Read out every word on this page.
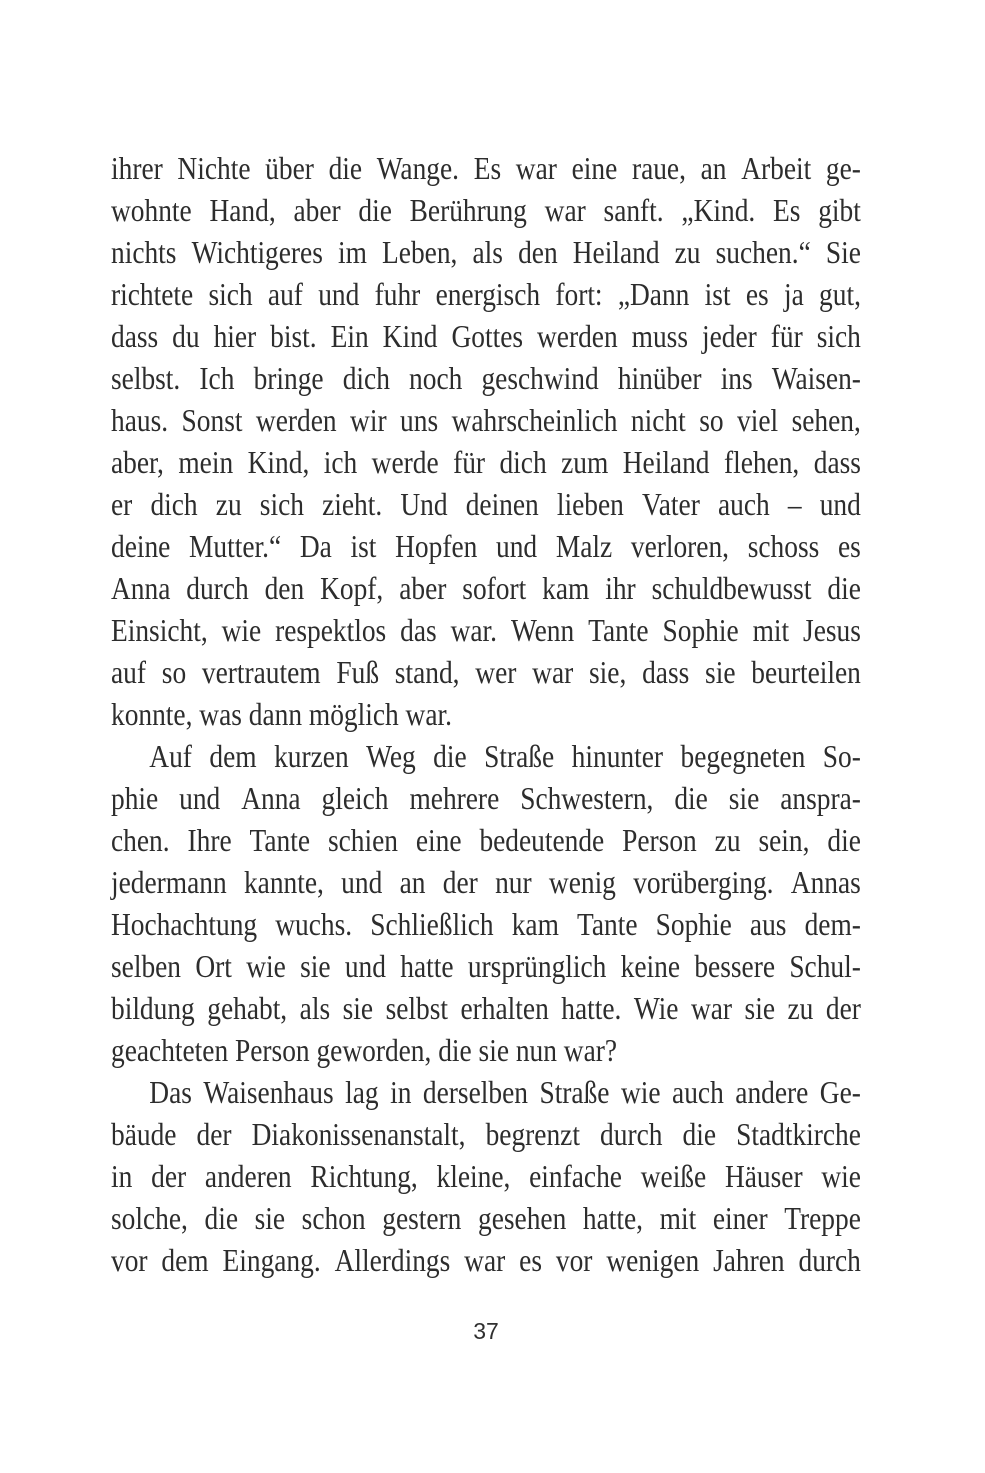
ihrer Nichte über die Wange. Es war eine raue, an Arbeit ge-
wohnte Hand, aber die Berührung war sanft. „Kind. Es gibt
nichts Wichtigeres im Leben, als den Heiland zu suchen.“ Sie
richtete sich auf und fuhr energisch fort: „Dann ist es ja gut,
dass du hier bist. Ein Kind Gottes werden muss jeder für sich
selbst. Ich bringe dich noch geschwind hinüber ins Waisen-
haus. Sonst werden wir uns wahrscheinlich nicht so viel sehen,
aber, mein Kind, ich werde für dich zum Heiland flehen, dass
er dich zu sich zieht. Und deinen lieben Vater auch – und
deine Mutter.“ Da ist Hopfen und Malz verloren, schoss es
Anna durch den Kopf, aber sofort kam ihr schuldbewusst die
Einsicht, wie respektlos das war. Wenn Tante Sophie mit Jesus
auf so vertrautem Fuß stand, wer war sie, dass sie beurteilen
konnte, was dann möglich war.
Auf dem kurzen Weg die Straße hinunter begegneten So-
phie und Anna gleich mehrere Schwestern, die sie anspra-
chen. Ihre Tante schien eine bedeutende Person zu sein, die
jedermann kannte, und an der nur wenig vorüberging. Annas
Hochachtung wuchs. Schließlich kam Tante Sophie aus dem-
selben Ort wie sie und hatte ursprünglich keine bessere Schul-
bildung gehabt, als sie selbst erhalten hatte. Wie war sie zu der
geachteten Person geworden, die sie nun war?
Das Waisenhaus lag in derselben Straße wie auch andere Ge-
bäude der Diakonissenanstalt, begrenzt durch die Stadtkirche
in der anderen Richtung, kleine, einfache weiße Häuser wie
solche, die sie schon gestern gesehen hatte, mit einer Treppe
vor dem Eingang. Allerdings war es vor wenigen Jahren durch
37
